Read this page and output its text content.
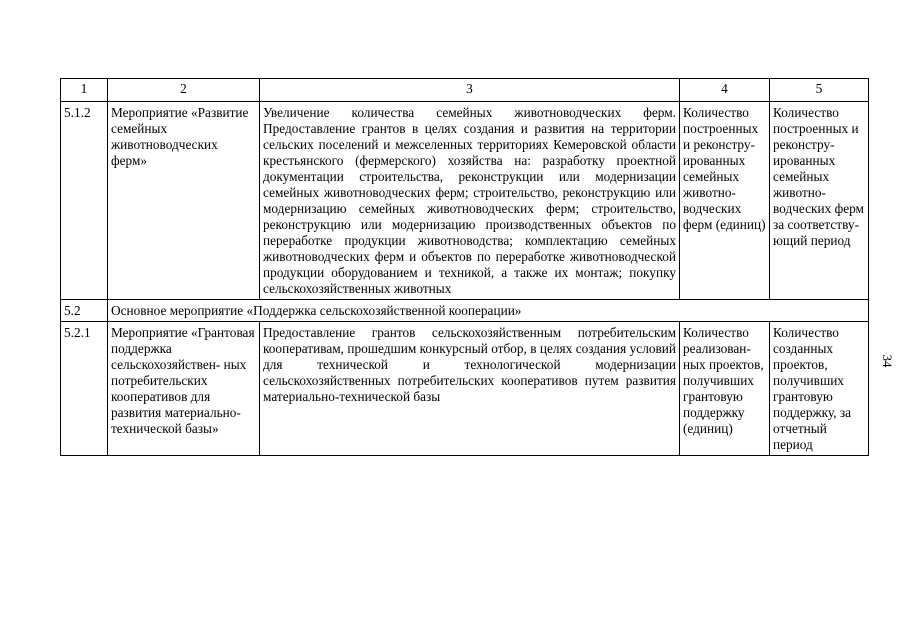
1	2	3	4	5
5.1.2	Мероприятие «Развитие семейных животноводческих ферм»	Увеличение количества семейных животноводческих ферм. Предоставление грантов в целях создания и развития на территории сельских поселений и межселенных территориях Кемеровской области крестьянского (фермерского) хозяйства на: разработку проектной документации строительства, реконструкции или модернизации семейных животноводческих ферм; строительство, реконструкцию или модернизацию семейных животноводческих ферм; строительство, реконструкцию или модернизацию производственных объектов по переработке продукции животноводства; комплектацию семейных животноводческих ферм и объектов по переработке животноводческой продукции оборудованием и техникой, а также их монтаж; покупку сельскохозяйственных животных	Количество построенных и реконстру- ированных семейных животно- водческих ферм (единиц)	Количество построенных и реконстру- ированных семейных животно- водческих ферм за соответству- ющий период
5.2	Основное мероприятие «Поддержка сельскохозяйственной кооперации»			
5.2.1	Мероприятие «Грантовая поддержка сельскохозяйствен- ных потребительских кооперативов для развития материально- технической базы»	Предоставление грантов сельскохозяйственным потребительским кооперативам, прошедшим конкурсный отбор, в целях создания условий для технической и технологической модернизации сельскохозяйственных потребительских кооперативов путем развития материально-технической базы	Количество реализован- ных проектов, получивших грантовую поддержку (единиц)	Количество созданных проектов, получивших грантовую поддержку, за отчетный период
34
